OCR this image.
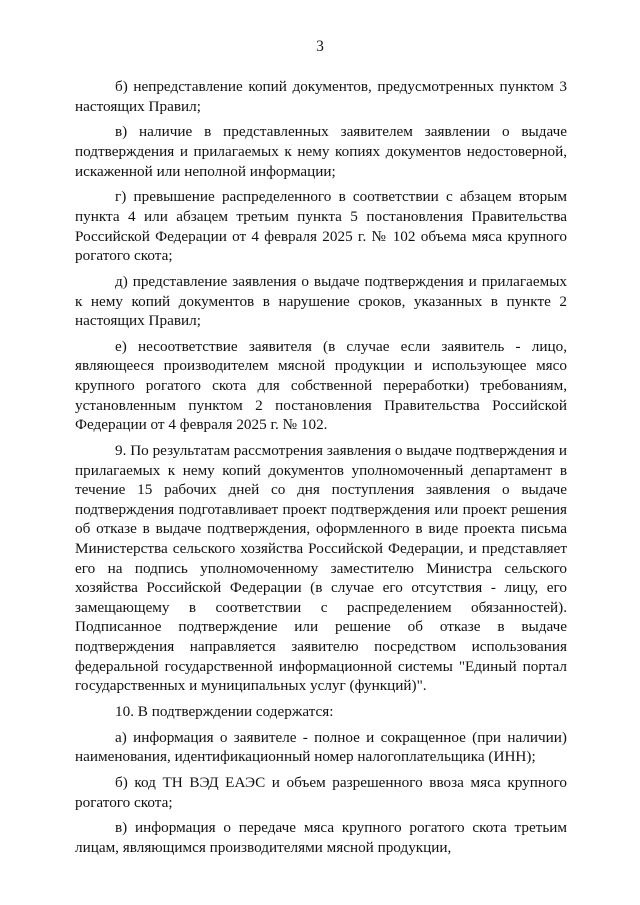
3

б) непредставление копий документов, предусмотренных пунктом 3 настоящих Правил;

в) наличие в представленных заявителем заявлении о выдаче подтверждения и прилагаемых к нему копиях документов недостоверной, искаженной или неполной информации;

г) превышение распределенного в соответствии с абзацем вторым пункта 4 или абзацем третьим пункта 5 постановления Правительства Российской Федерации от 4 февраля 2025 г. № 102 объема мяса крупного рогатого скота;

д) представление заявления о выдаче подтверждения и прилагаемых к нему копий документов в нарушение сроков, указанных в пункте 2 настоящих Правил;

е) несоответствие заявителя (в случае если заявитель - лицо, являющееся производителем мясной продукции и использующее мясо крупного рогатого скота для собственной переработки) требованиям, установленным пунктом 2 постановления Правительства Российской Федерации от 4 февраля 2025 г. № 102.

9. По результатам рассмотрения заявления о выдаче подтверждения и прилагаемых к нему копий документов уполномоченный департамент в течение 15 рабочих дней со дня поступления заявления о выдаче подтверждения подготавливает проект подтверждения или проект решения об отказе в выдаче подтверждения, оформленного в виде проекта письма Министерства сельского хозяйства Российской Федерации, и представляет его на подпись уполномоченному заместителю Министра сельского хозяйства Российской Федерации (в случае его отсутствия - лицу, его замещающему в соответствии с распределением обязанностей). Подписанное подтверждение или решение об отказе в выдаче подтверждения направляется заявителю посредством использования федеральной государственной информационной системы "Единый портал государственных и муниципальных услуг (функций)".

10. В подтверждении содержатся:

а) информация о заявителе - полное и сокращенное (при наличии) наименования, идентификационный номер налогоплательщика (ИНН);

б) код ТН ВЭД ЕАЭС и объем разрешенного ввоза мяса крупного рогатого скота;

в) информация о передаче мяса крупного рогатого скота третьим лицам, являющимся производителями мясной продукции,
